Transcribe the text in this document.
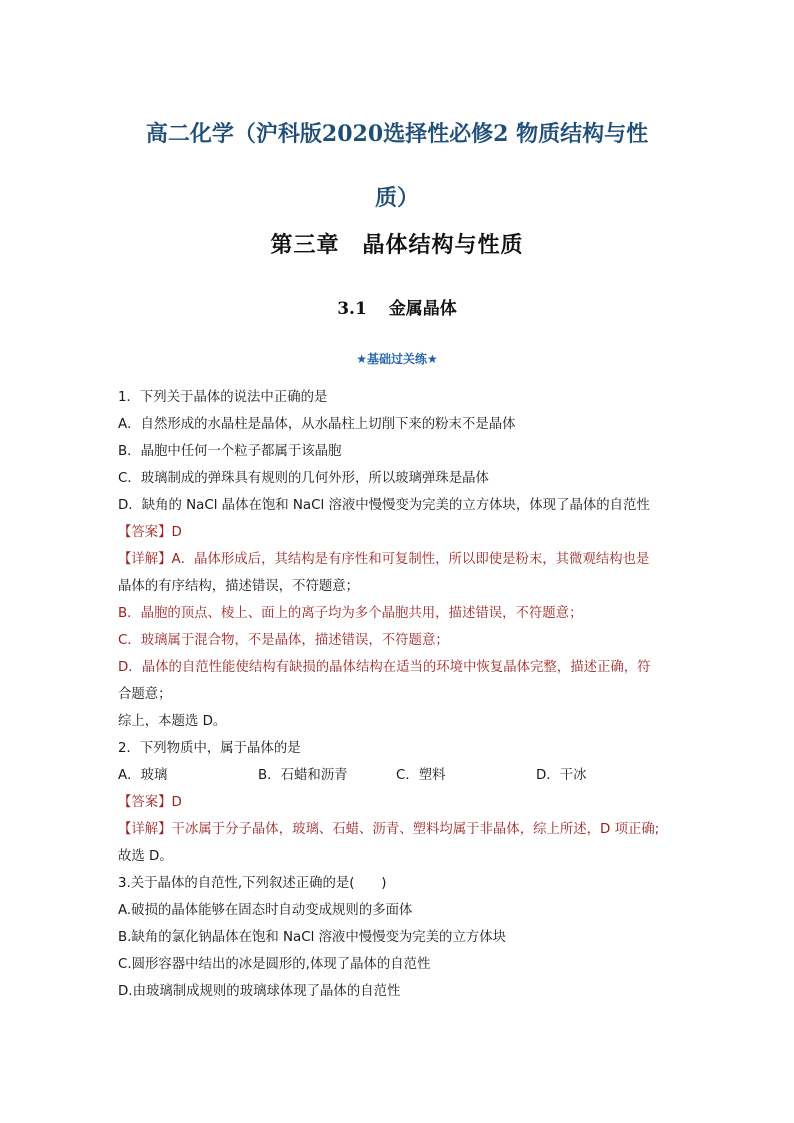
高二化学（沪科版2020选择性必修2 物质结构与性
质）
第三章　晶体结构与性质
3.1 金属晶体
★基础过关练★
1．下列关于晶体的说法中正确的是
A．自然形成的水晶柱是晶体，从水晶柱上切削下来的粉末不是晶体
B．晶胞中任何一个粒子都属于该晶胞
C．玻璃制成的弹珠具有规则的几何外形，所以玻璃弹珠是晶体
D．缺角的 NaCl 晶体在饱和 NaCl 溶液中慢慢变为完美的立方体块，体现了晶体的自范性
【答案】D
【详解】A．晶体形成后，其结构是有序性和可复制性，所以即使是粉末，其微观结构也是
晶体的有序结构，描述错误，不符题意；
B．晶胞的顶点、棱上、面上的离子均为多个晶胞共用，描述错误，不符题意；
C．玻璃属于混合物，不是晶体，描述错误，不符题意；
D．晶体的自范性能使结构有缺损的晶体结构在适当的环境中恢复晶体完整，描述正确，符
合题意；
综上，本题选 D。
2．下列物质中，属于晶体的是
A．玻璃	B．石蜡和沥青	C．塑料	D．干冰
【答案】D
【详解】干冰属于分子晶体，玻璃、石蜡、沥青、塑料均属于非晶体，综上所述，D 项正确;
故选 D。
3.关于晶体的自范性,下列叙述正确的是(　　)
A.破损的晶体能够在固态时自动变成规则的多面体
B.缺角的氯化钠晶体在饱和 NaCl 溶液中慢慢变为完美的立方体块
C.圆形容器中结出的冰是圆形的,体现了晶体的自范性
D.由玻璃制成规则的玻璃球体现了晶体的自范性
